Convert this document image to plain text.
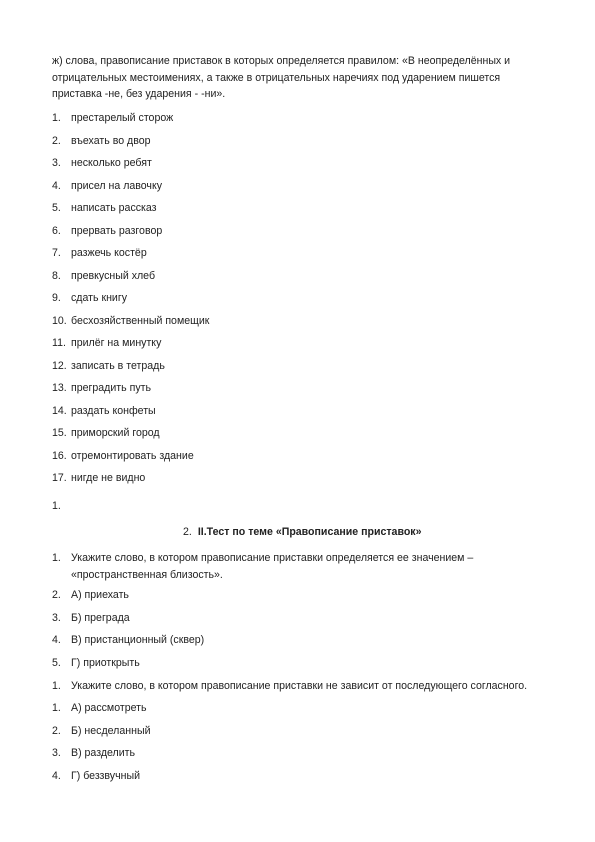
ж) слова, правописание приставок в которых определяется правилом: «В неопределённых и отрицательных местоимениях, а также в отрицательных наречиях под ударением пишется приставка -не, без ударения - -ни».

1. престарелый сторож
2. въехать во двор
3. несколько ребят
4. присел на лавочку
5. написать рассказ
6. прервать разговор
7. разжечь костёр
8. превкусный хлеб
9. сдать книгу
10. бесхозяйственный помещик
11. прилёг на минутку
12. записать в тетрадь
13. преградить путь
14. раздать конфеты
15. приморский город
16. отремонтировать здание
17. нигде не видно
1.
2. II.Тест по теме «Правописание приставок»
1. Укажите слово, в котором правописание приставки определяется ее значением – «пространственная близость».
2. А) приехать
3. Б) преграда
4. В) пристанционный (сквер)
5. Г) приоткрыть
1. Укажите слово, в котором правописание приставки не зависит от последующего согласного.
1. А) рассмотреть
2. Б) несделанный
3. В) разделить
4. Г) беззвучный
